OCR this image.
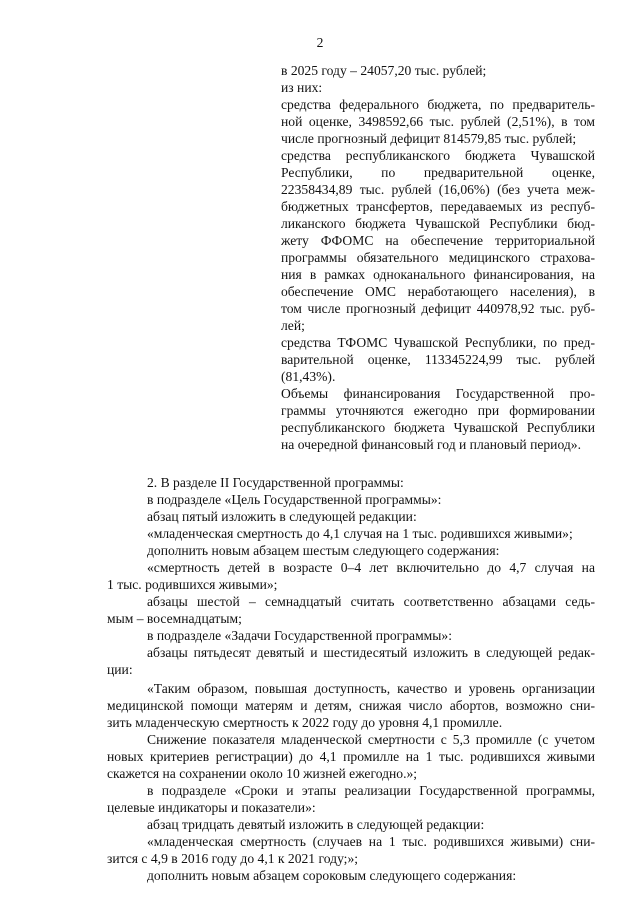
2
в 2025 году – 24057,20 тыс. рублей;
из них:
средства федерального бюджета, по предваритель-
ной оценке, 3498592,66 тыс. рублей (2,51%), в том
числе прогнозный дефицит 814579,85 тыс. рублей;
средства республиканского бюджета Чувашской
Республики, по предварительной оценке,
22358434,89 тыс. рублей (16,06%) (без учета меж-
бюджетных трансфертов, передаваемых из респуб-
ликанского бюджета Чувашской Республики бюд-
жету ФФОМС на обеспечение территориальной
программы обязательного медицинского страхова-
ния в рамках одноканального финансирования, на
обеспечение ОМС неработающего населения), в
том числе прогнозный дефицит 440978,92 тыс. руб-
лей;
средства ТФОМС Чувашской Республики, по пред-
варительной оценке, 113345224,99 тыс. рублей
(81,43%).
Объемы финансирования Государственной про-
граммы уточняются ежегодно при формировании
республиканского бюджета Чувашской Республики
на очередной финансовый год и плановый период».
2. В разделе II Государственной программы:
в подразделе «Цель Государственной программы»:
абзац пятый изложить в следующей редакции:
«младенческая смертность до 4,1 случая на 1 тыс. родившихся живыми»;
дополнить новым абзацем шестым следующего содержания:
«смертность детей в возрасте 0–4 лет включительно до 4,7 случая на
1 тыс. родившихся живыми»;
абзацы шестой – семнадцатый считать соответственно абзацами седь-
мым – восемнадцатым;
в подразделе «Задачи Государственной программы»:
абзацы пятьдесят девятый и шестидесятый изложить в следующей редак-
ции:
«Таким образом, повышая доступность, качество и уровень организации
медицинской помощи матерям и детям, снижая число абортов, возможно сни-
зить младенческую смертность к 2022 году до уровня 4,1 промилле.
Снижение показателя младенческой смертности с 5,3 промилле (с учетом
новых критериев регистрации) до 4,1 промилле на 1 тыс. родившихся живыми
скажется на сохранении около 10 жизней ежегодно.»;
в подразделе «Сроки и этапы реализации Государственной программы,
целевые индикаторы и показатели»:
абзац тридцать девятый изложить в следующей редакции:
«младенческая смертность (случаев на 1 тыс. родившихся живыми) сни-
зится с 4,9 в 2016 году до 4,1 к 2021 году;»;
дополнить новым абзацем сороковым следующего содержания:
